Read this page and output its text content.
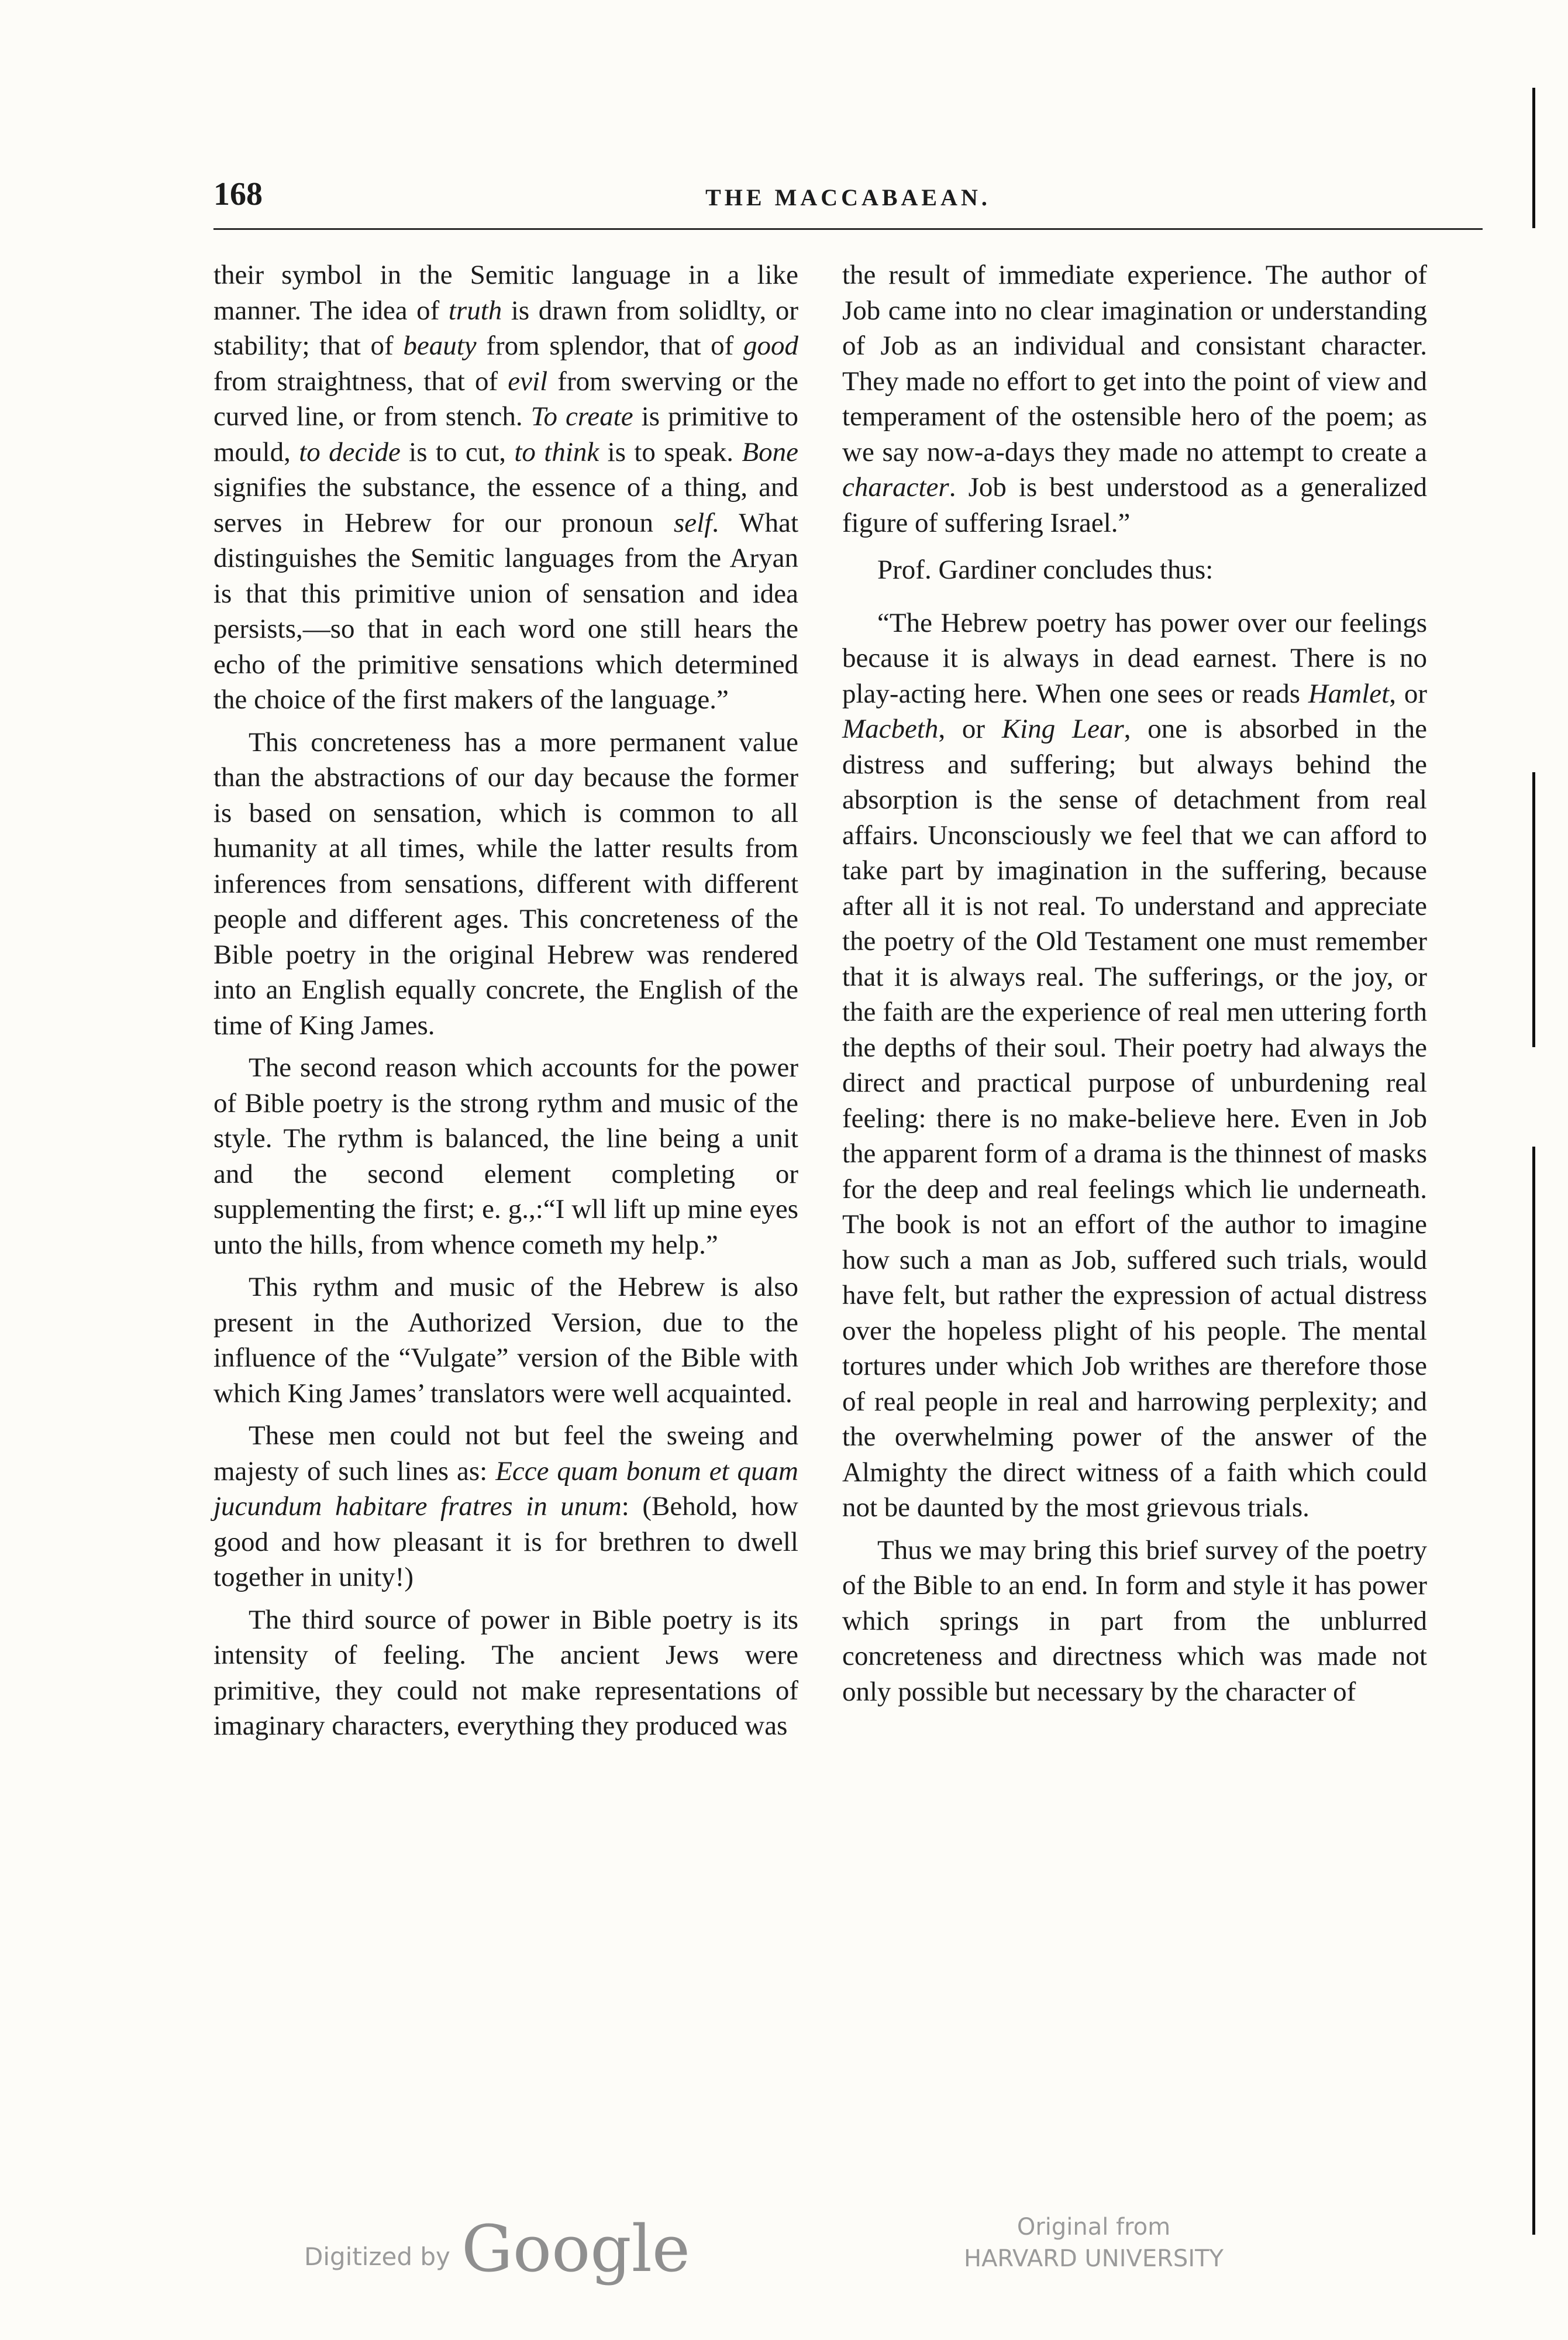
168	THE MACCABAEAN.

their symbol in the Semitic language in a like manner. The idea of truth is drawn from solidlty, or stability; that of beauty from splendor, that of good from straightness, that of evil from swerving or the curved line, or from stench. To create is primitive to mould, to decide is to cut, to think is to speak. Bone signifies the substance, the essence of a thing, and serves in Hebrew for our pronoun self. What distinguishes the Semitic languages from the Aryan is that this primitive union of sensation and idea persists,—so that in each word one still hears the echo of the primitive sensations which determined the choice of the first makers of the language.”

This concreteness has a more permanent value than the abstractions of our day because the former is based on sensation, which is common to all humanity at all times, while the latter results from inferences from sensations, different with different people and different ages. This concreteness of the Bible poetry in the original Hebrew was rendered into an English equally concrete, the English of the time of King James.

The second reason which accounts for the power of Bible poetry is the strong rythm and music of the style. The rythm is balanced, the line being a unit and the second element completing or supplementing the first; e. g.,:“I wll lift up mine eyes unto the hills, from whence cometh my help.”

This rythm and music of the Hebrew is also present in the Authorized Version, due to the influence of the “Vulgate” version of the Bible with which King James’ translators were well acquainted.

These men could not but feel the sweing and majesty of such lines as: Ecce quam bonum et quam jucundum habitare fratres in unum: (Behold, how good and how pleasant it is for brethren to dwell together in unity!)

The third source of power in Bible poetry is its intensity of feeling. The ancient Jews were primitive, they could not make representations of imaginary characters, everything they produced was

the result of immediate experience. The author of Job came into no clear imagination or understanding of Job as an individual and consistant character. They made no effort to get into the point of view and temperament of the ostensible hero of the poem; as we say now-a-days they made no attempt to create a character. Job is best understood as a generalized figure of suffering Israel.”

Prof. Gardiner concludes thus:

“The Hebrew poetry has power over our feelings because it is always in dead earnest. There is no play-acting here. When one sees or reads Hamlet, or Macbeth, or King Lear, one is absorbed in the distress and suffering; but always behind the absorption is the sense of detachment from real affairs. Unconsciously we feel that we can afford to take part by imagination in the suffering, because after all it is not real. To understand and appreciate the poetry of the Old Testament one must remember that it is always real. The sufferings, or the joy, or the faith are the experience of real men uttering forth the depths of their soul. Their poetry had always the direct and practical purpose of unburdening real feeling: there is no make-believe here. Even in Job the apparent form of a drama is the thinnest of masks for the deep and real feelings which lie underneath. The book is not an effort of the author to imagine how such a man as Job, suffered such trials, would have felt, but rather the expression of actual distress over the hopeless plight of his people. The mental tortures under which Job writhes are therefore those of real people in real and harrowing perplexity; and the overwhelming power of the answer of the Almighty the direct witness of a faith which could not be daunted by the most grievous trials.

Thus we may bring this brief survey of the poetry of the Bible to an end. In form and style it has power which springs in part from the unblurred concreteness and directness which was made not only possible but necessary by the character of

Digitized by Google	Original from
HARVARD UNIVERSITY
